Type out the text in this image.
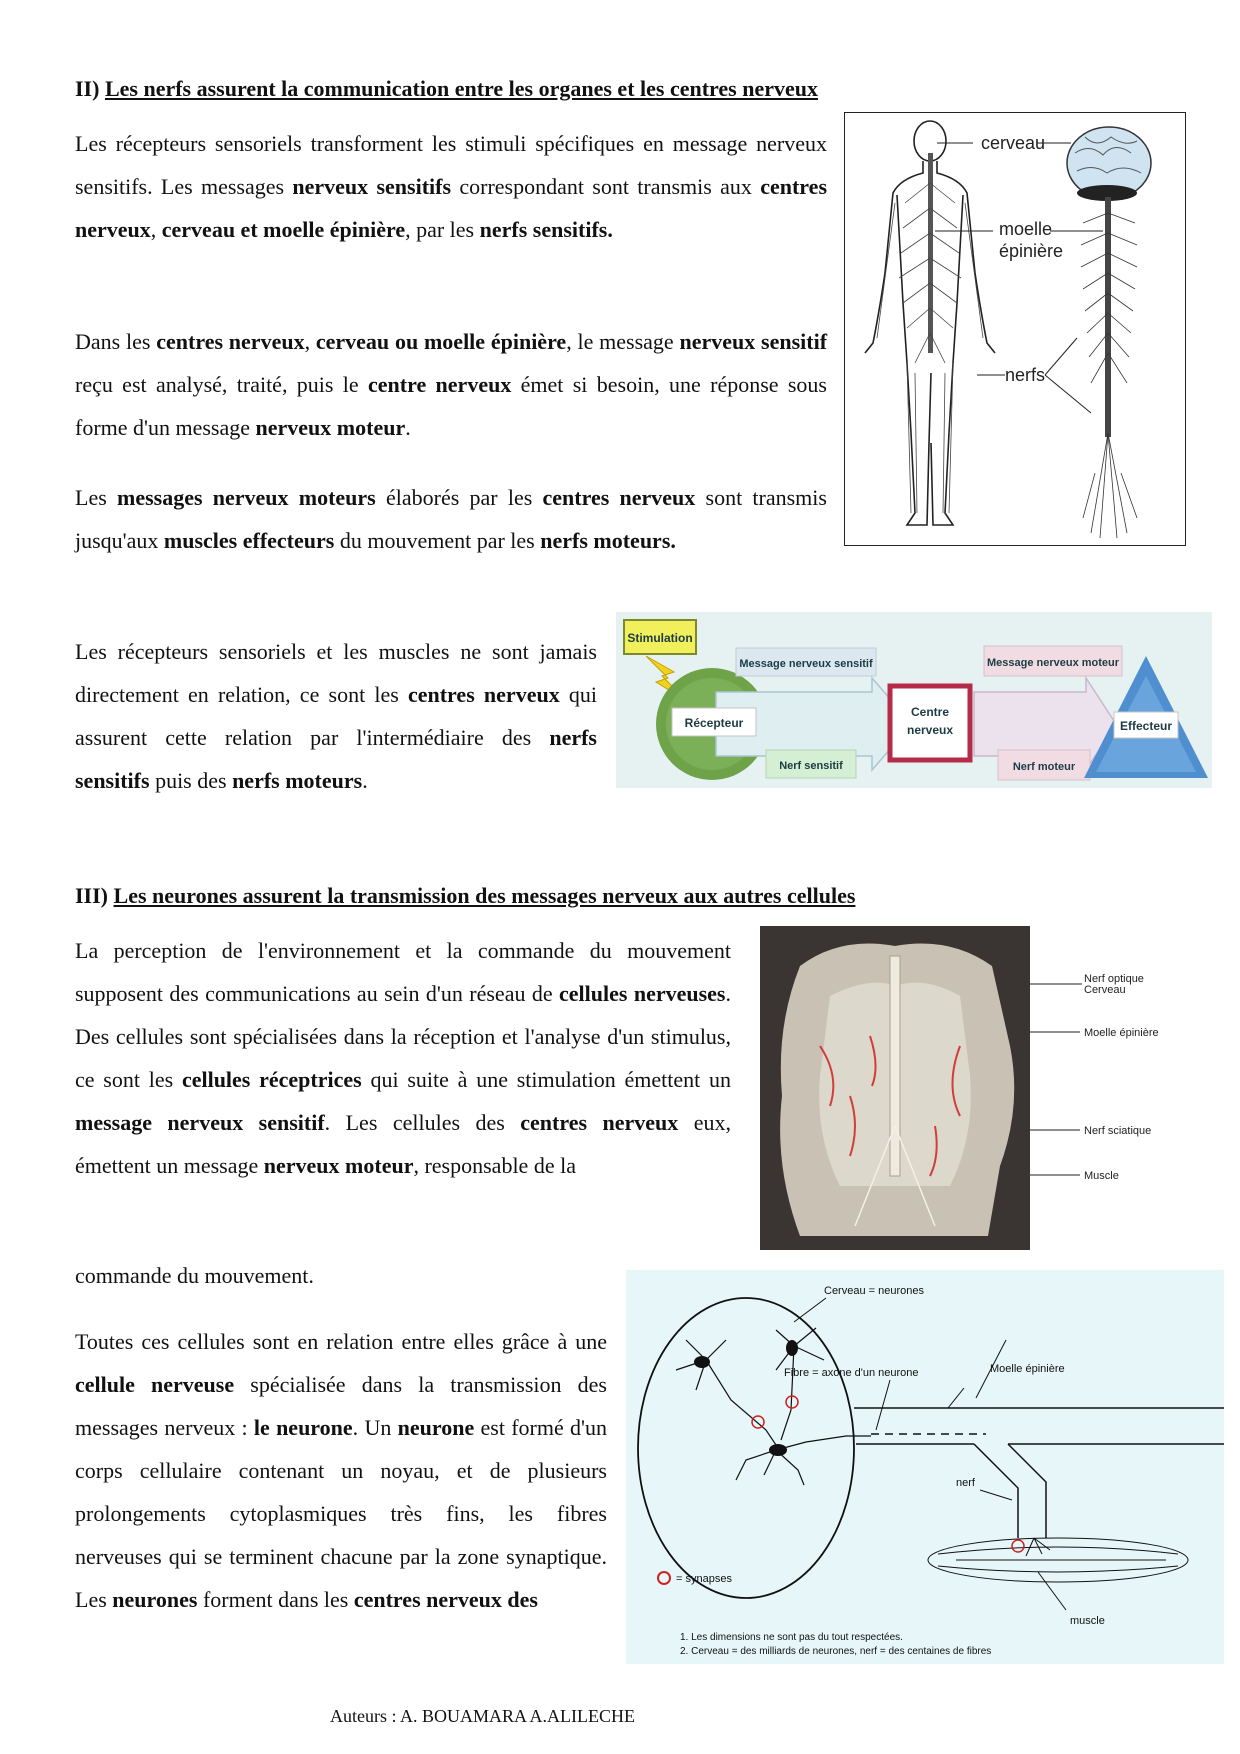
II) Les nerfs assurent la communication entre les organes et les centres nerveux
Les récepteurs sensoriels transforment les stimuli spécifiques en message nerveux sensitifs. Les messages nerveux sensitifs correspondant sont transmis aux centres nerveux, cerveau et moelle épinière, par les nerfs sensitifs.
Dans les centres nerveux, cerveau ou moelle épinière, le message nerveux sensitif reçu est analysé, traité, puis le centre nerveux émet si besoin, une réponse sous forme d'un message nerveux moteur.
Les messages nerveux moteurs élaborés par les centres nerveux sont transmis jusqu'aux muscles effecteurs du mouvement par les nerfs moteurs.
Les récepteurs sensoriels et les muscles ne sont jamais directement en relation, ce sont les centres nerveux qui assurent cette relation par l'intermédiaire des nerfs sensitifs puis des nerfs moteurs.
cerveau
moelle
épinière
nerfs
Stimulation
Récepteur
Message nerveux sensitif
Nerf sensitif
Centre
nerveux
Message nerveux moteur
Nerf moteur
Effecteur
III) Les neurones assurent la transmission des messages nerveux aux autres cellules
La perception de l'environnement et la commande du mouvement supposent des communications au sein d'un réseau de cellules nerveuses. Des cellules sont spécialisées dans la réception et l'analyse d'un stimulus, ce sont les cellules réceptrices qui suite à une stimulation émettent un message nerveux sensitif. Les cellules des centres nerveux eux, émettent un message nerveux moteur, responsable de la
commande du mouvement.
Toutes ces cellules sont en relation entre elles grâce à une cellule nerveuse spécialisée dans la transmission des messages nerveux : le neurone. Un neurone est formé d'un corps cellulaire contenant un noyau, et de plusieurs prolongements cytoplasmiques très fins, les fibres nerveuses qui se terminent chacune par la zone synaptique. Les neurones forment dans les centres nerveux des
Nerf optique
Cerveau
Moelle épinière
Nerf sciatique
Muscle
Cerveau = neurones
Moelle épinière
Fibre = axone d'un neurone
nerf
= synapses
muscle
1. Les dimensions ne sont pas du tout respectées.
2. Cerveau = des milliards de neurones, nerf = des centaines de fibres
Auteurs : A. BOUAMARA A.ALILECHE
